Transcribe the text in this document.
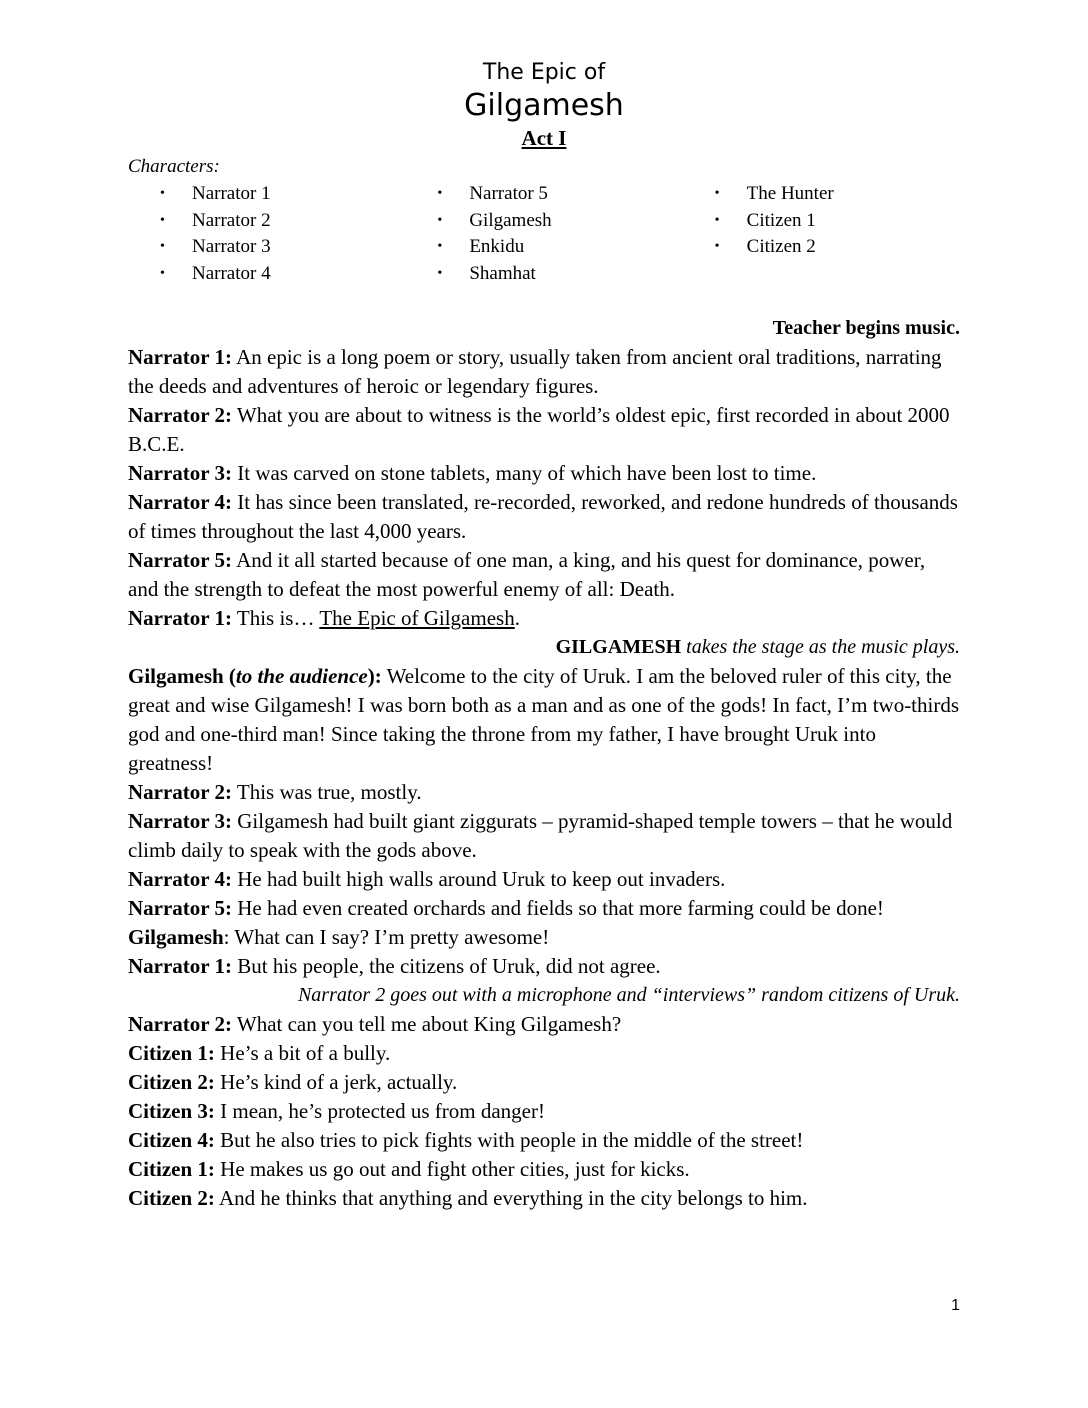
The Epic of

Gilgamesh

Act I

Characters:
• Narrator 1
• Narrator 2
• Narrator 3
• Narrator 4
• Narrator 5
• Gilgamesh
• Enkidu
• Shamhat
• The Hunter
• Citizen 1
• Citizen 2
Teacher begins music.

Narrator 1: An epic is a long poem or story, usually taken from ancient oral traditions, narrating the deeds and adventures of heroic or legendary figures.

Narrator 2: What you are about to witness is the world’s oldest epic, first recorded in about 2000 B.C.E.

Narrator 3: It was carved on stone tablets, many of which have been lost to time.

Narrator 4: It has since been translated, re-recorded, reworked, and redone hundreds of thousands of times throughout the last 4,000 years.

Narrator 5: And it all started because of one man, a king, and his quest for dominance, power, and the strength to defeat the most powerful enemy of all: Death.

Narrator 1: This is… The Epic of Gilgamesh.

GILGAMESH takes the stage as the music plays.

Gilgamesh (to the audience): Welcome to the city of Uruk. I am the beloved ruler of this city, the great and wise Gilgamesh! I was born both as a man and as one of the gods! In fact, I’m two-thirds god and one-third man! Since taking the throne from my father, I have brought Uruk into greatness!

Narrator 2: This was true, mostly.

Narrator 3: Gilgamesh had built giant ziggurats – pyramid-shaped temple towers – that he would climb daily to speak with the gods above.

Narrator 4: He had built high walls around Uruk to keep out invaders.

Narrator 5: He had even created orchards and fields so that more farming could be done!

Gilgamesh: What can I say? I’m pretty awesome!

Narrator 1: But his people, the citizens of Uruk, did not agree.

Narrator 2 goes out with a microphone and “interviews” random citizens of Uruk.

Narrator 2: What can you tell me about King Gilgamesh?

Citizen 1: He’s a bit of a bully.

Citizen 2: He’s kind of a jerk, actually.

Citizen 3: I mean, he’s protected us from danger!

Citizen 4: But he also tries to pick fights with people in the middle of the street!

Citizen 1: He makes us go out and fight other cities, just for kicks.

Citizen 2: And he thinks that anything and everything in the city belongs to him.

1
